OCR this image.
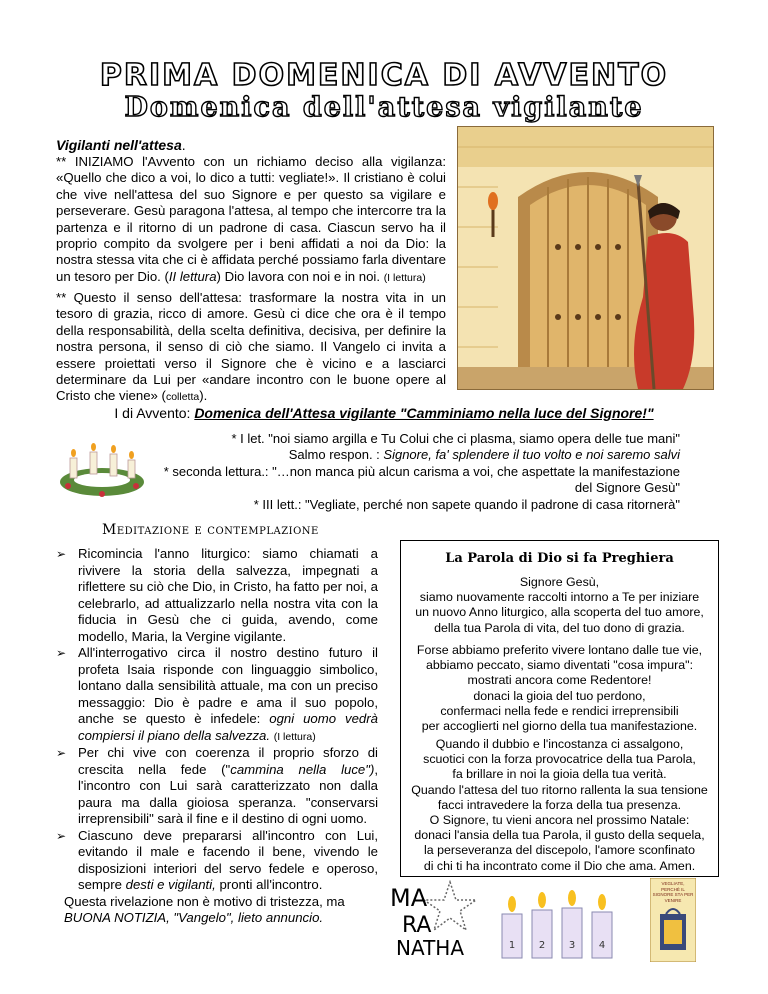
PRIMA DOMENICA DI AVVENTO
Domenica dell'attesa vigilante
Vigilanti nell'attesa.
** INIZIAMO l'Avvento con un richiamo deciso alla vigilanza: «Quello che dico a voi, lo dico a tutti: vegliate!». Il cristiano è colui che vive nell'attesa del suo Signore e per questo sa vigilare e perseverare. Gesù paragona l'attesa, al tempo che intercorre tra la partenza e il ritorno di un padrone di casa. Ciascun servo ha il proprio compito da svolgere per i beni affidati a noi da Dio: la nostra stessa vita che ci è affidata perché possiamo farla diventare un tesoro per Dio. (II lettura) Dio lavora con noi e in noi. (I lettura)
** Questo il senso dell'attesa: trasformare la nostra vita in un tesoro di grazia, ricco di amore. Gesù ci dice che ora è il tempo della responsabilità, della scelta definitiva, decisiva, per definire la nostra persona, il senso di ciò che siamo. Il Vangelo ci invita a essere proiettati verso il Signore che è vicino e a lasciarci determinare da Lui per «andare incontro con le buone opere al Cristo che viene» (colletta).
I di Avvento: Domenica dell'Attesa vigilante "Camminiamo nella luce del Signore!"
* I let. "noi siamo argilla e Tu Colui che ci plasma, siamo opera delle tue mani"
Salmo respon. : Signore, fa' splendere il tuo volto e noi saremo salvi
* seconda lettura.: "…non manca più alcun carisma a voi, che aspettate la manifestazione del Signore Gesù"
* III lett.: "Vegliate, perché non sapete quando il padrone di casa ritornerà"
Meditazione e contemplazione
➢ Ricomincia l'anno liturgico: siamo chiamati a rivivere la storia della salvezza, impegnati a riflettere su ciò che Dio, in Cristo, ha fatto per noi, a celebrarlo, ad attualizzarlo nella nostra vita con la fiducia in Gesù che ci guida, avendo, come modello, Maria, la Vergine vigilante.
➢ All'interrogativo circa il nostro destino futuro il profeta Isaia risponde con linguaggio simbolico, lontano dalla sensibilità attuale, ma con un preciso messaggio: Dio è padre e ama il suo popolo, anche se questo è infedele: ogni uomo vedrà compiersi il piano della salvezza. (I lettura)
➢ Per chi vive con coerenza il proprio sforzo di crescita nella fede ("cammina nella luce"), l'incontro con Lui sarà caratterizzato non dalla paura ma dalla gioiosa speranza. "conservarsi irreprensibili" sarà il fine e il destino di ogni uomo.
➢ Ciascuno deve prepararsi all'incontro con Lui, evitando il male e facendo il bene, vivendo le disposizioni interiori del servo fedele e operoso, sempre desti e vigilanti, pronti all'incontro.
Questa rivelazione non è motivo di tristezza, ma BUONA NOTIZIA, "Vangelo", lieto annuncio.
La Parola di Dio si fa Preghiera
Signore Gesù,
siamo nuovamente raccolti intorno a Te per iniziare
un nuovo Anno liturgico, alla scoperta del tuo amore,
della tua Parola di vita, del tuo dono di grazia.
Forse abbiamo preferito vivere lontano dalle tue vie,
abbiamo peccato, siamo diventati "cosa impura":
mostrati ancora come Redentore!
donaci la gioia del tuo perdono,
confermaci nella fede e rendici irreprensibili
per accoglierti nel giorno della tua manifestazione.
Quando il dubbio e l'incostanza ci assalgono,
scuotici con la forza provocatrice della tua Parola,
fa brillare in noi la gioia della tua verità.
Quando l'attesa del tuo ritorno rallenta la sua tensione
facci intravedere la forza della tua presenza.
O Signore, tu vieni ancora nel prossimo Natale:
donaci l'ansia della tua Parola, il gusto della sequela,
la perseveranza del discepolo, l'amore sconfinato
di chi ti ha incontrato come il Dio che ama. Amen.
MA
RA
NATHA	1 2 3 4
VEGLIATE, PERCHÉ IL SIGNORE STA PER VENIRE
